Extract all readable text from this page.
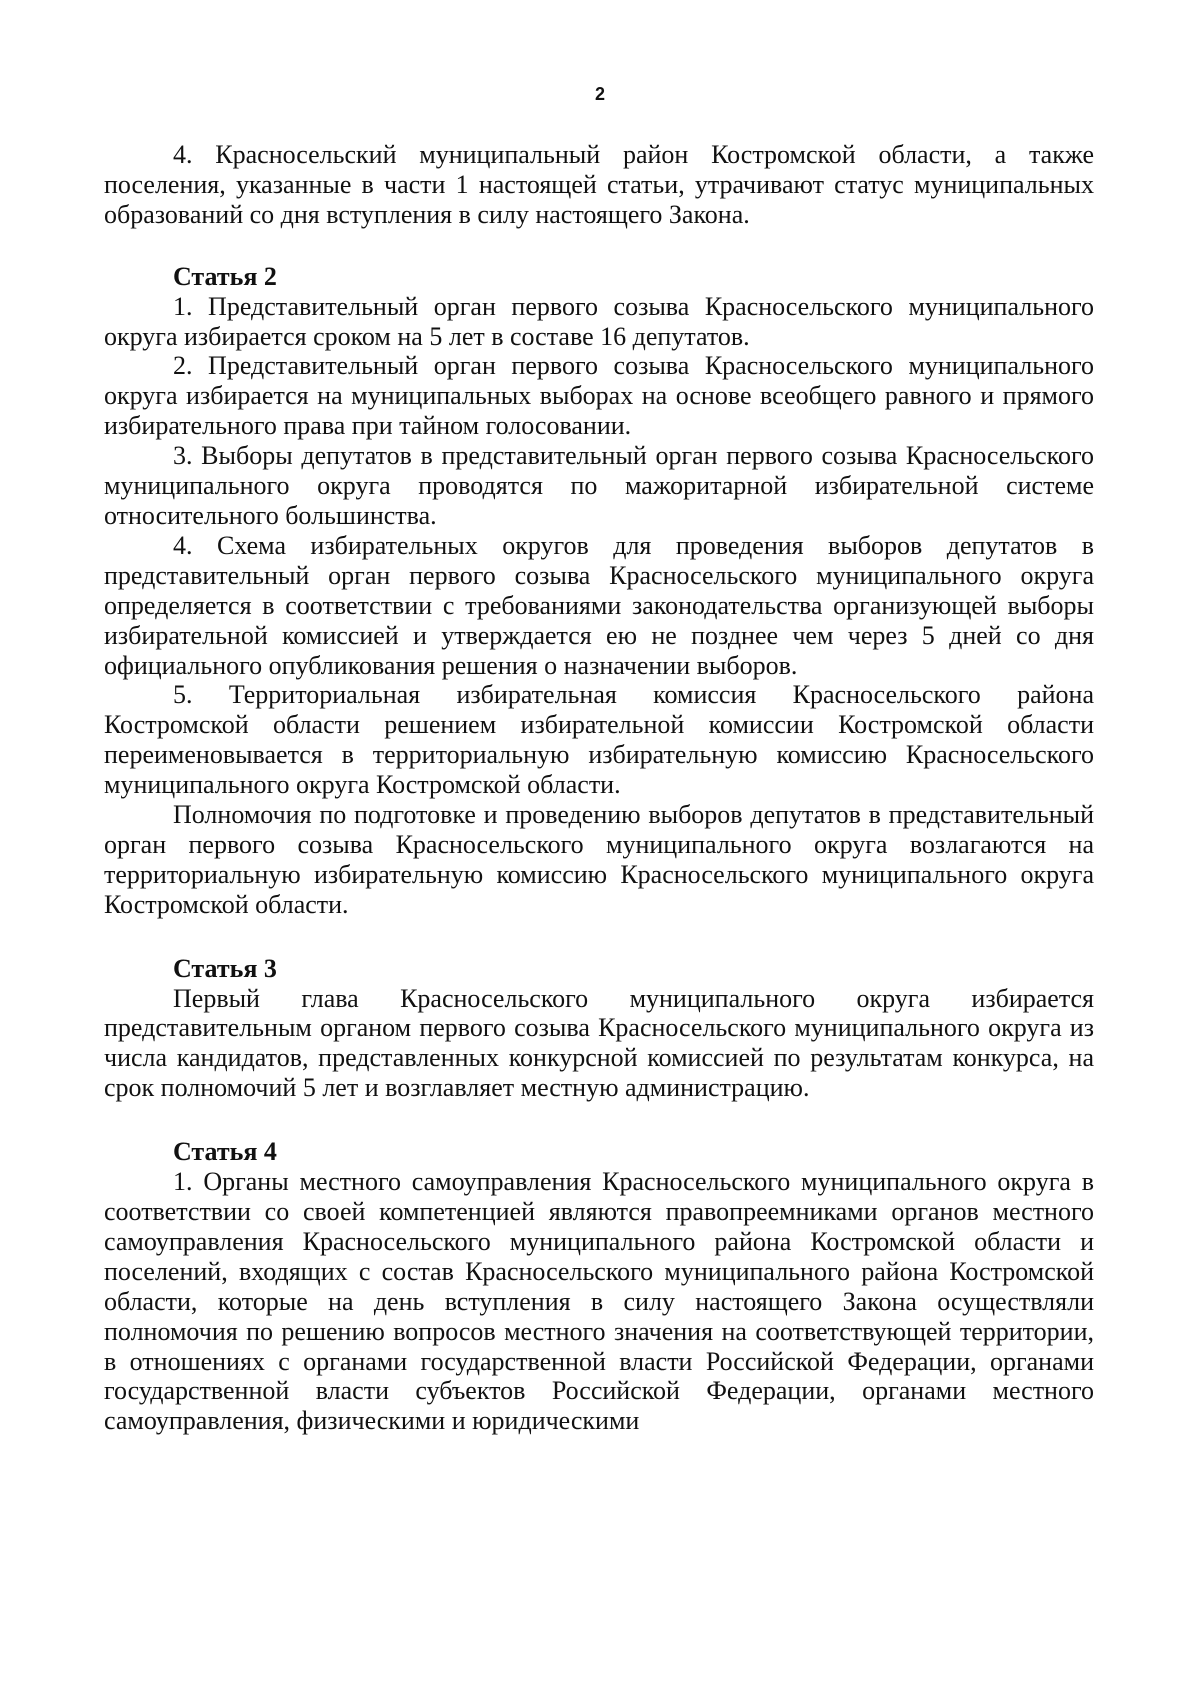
2

4. Красносельский муниципальный район Костромской области, а также поселения, указанные в части 1 настоящей статьи, утрачивают статус муниципальных образований со дня вступления в силу настоящего Закона.

Статья 2

1. Представительный орган первого созыва Красносельского муниципального округа избирается сроком на 5 лет в составе 16 депутатов.

2. Представительный орган первого созыва Красносельского муниципального округа избирается на муниципальных выборах на основе всеобщего равного и прямого избирательного права при тайном голосовании.

3. Выборы депутатов в представительный орган первого созыва Красносельского муниципального округа проводятся по мажоритарной избирательной системе относительного большинства.

4. Схема избирательных округов для проведения выборов депутатов в представительный орган первого созыва Красносельского муниципального округа определяется в соответствии с требованиями законодательства организующей выборы избирательной комиссией и утверждается ею не позднее чем через 5 дней со дня официального опубликования решения о назначении выборов.

5. Территориальная избирательная комиссия Красносельского района Костромской области решением избирательной комиссии Костромской области переименовывается в территориальную избирательную комиссию Красносельского муниципального округа Костромской области.

Полномочия по подготовке и проведению выборов депутатов в представительный орган первого созыва Красносельского муниципального округа возлагаются на территориальную избирательную комиссию Красносельского муниципального округа Костромской области.

Статья 3

Первый глава Красносельского муниципального округа избирается представительным органом первого созыва Красносельского муниципального округа из числа кандидатов, представленных конкурсной комиссией по результатам конкурса, на срок полномочий 5 лет и возглавляет местную администрацию.

Статья 4

1. Органы местного самоуправления Красносельского муниципального округа в соответствии со своей компетенцией являются правопреемниками органов местного самоуправления Красносельского муниципального района Костромской области и поселений, входящих с состав Красносельского муниципального района Костромской области, которые на день вступления в силу настоящего Закона осуществляли полномочия по решению вопросов местного значения на соответствующей территории, в отношениях с органами государственной власти Российской Федерации, органами государственной власти субъектов Российской Федерации, органами местного самоуправления, физическими и юридическими
